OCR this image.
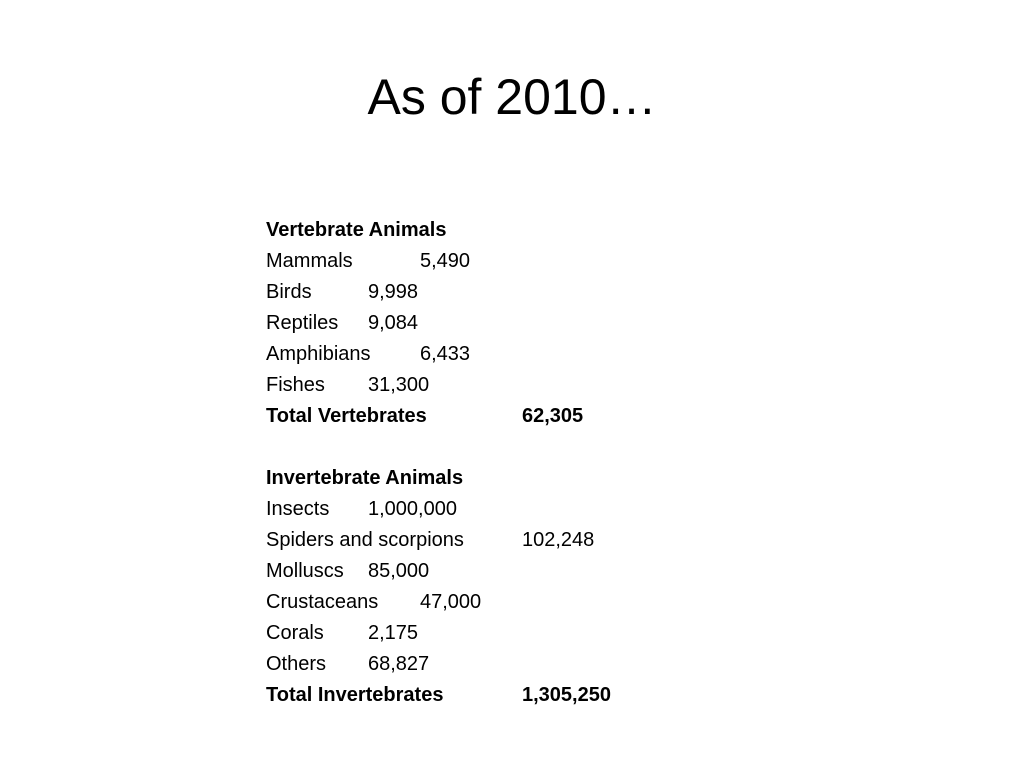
As of 2010…
Vertebrate Animals
Mammals	5,490
Birds	9,998
Reptiles 9,084
Amphibians 6,433
Fishes 31,300
Total Vertebrates	62,305
Invertebrate Animals
Insects 1,000,000
Spiders and scorpions	102,248
Molluscs 85,000
Crustaceans 47,000
Corals 2,175
Others 68,827
Total Invertebrates	1,305,250
